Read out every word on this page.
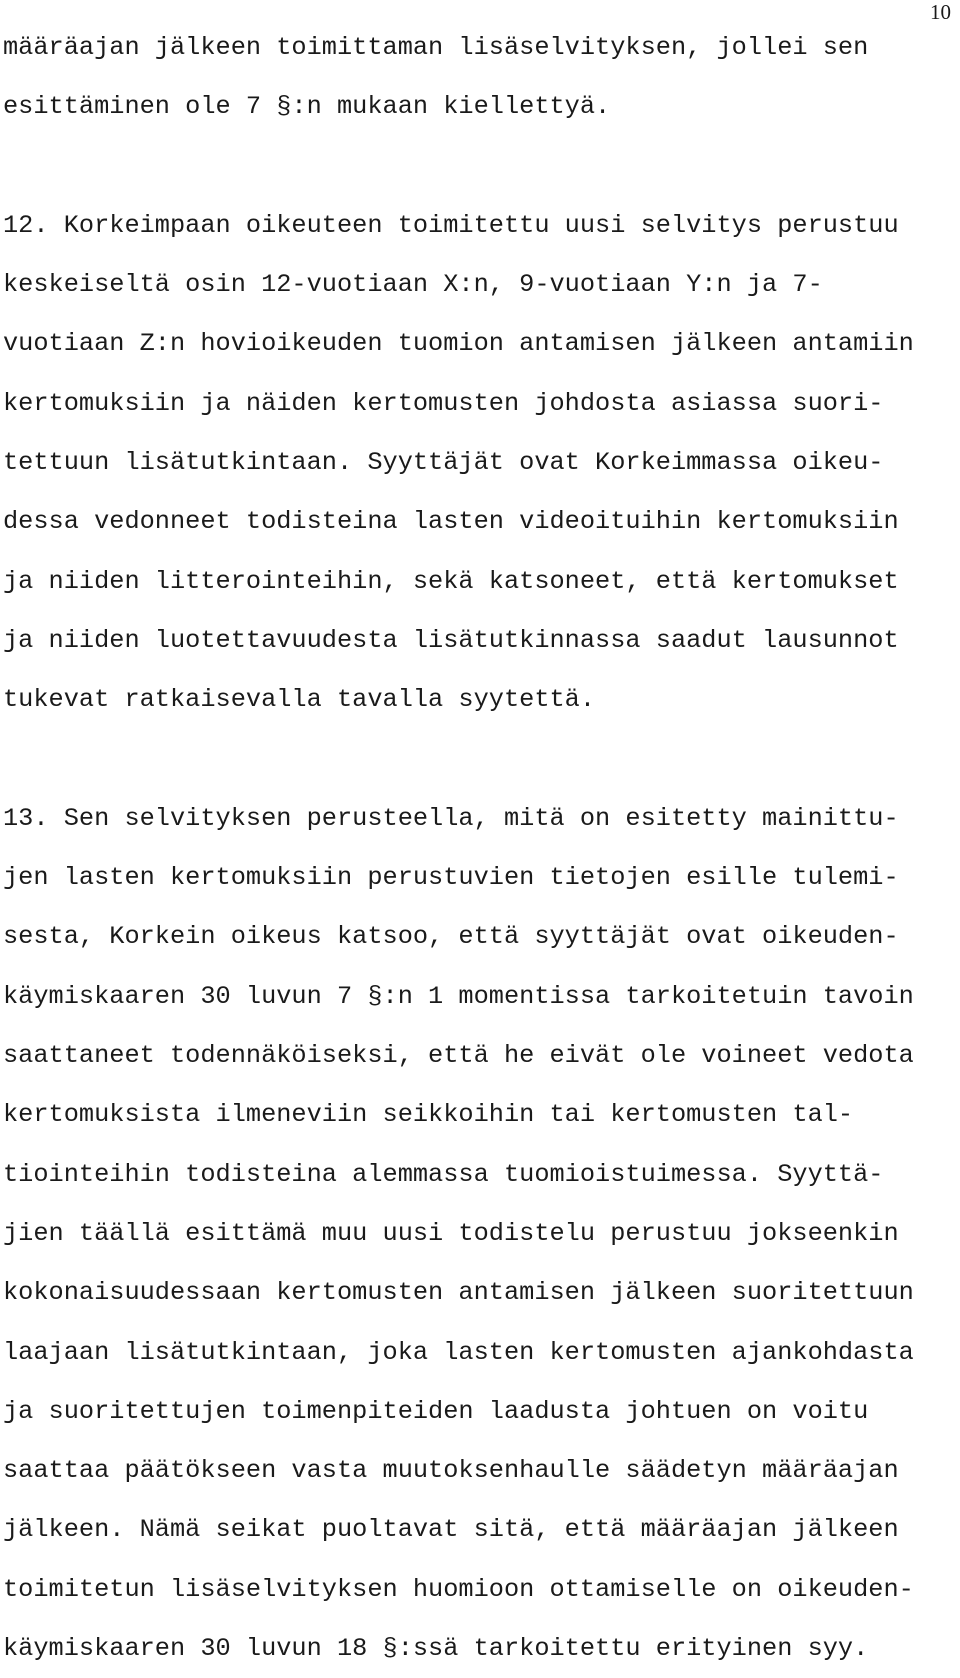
10
määräajan jälkeen toimittaman lisäselvityksen, jollei sen
esittäminen ole 7 §:n mukaan kiellettyä.
12. Korkeimpaan oikeuteen toimitettu uusi selvitys perustuu
keskeiseltä osin 12-vuotiaan X:n, 9-vuotiaan Y:n ja 7-
vuotiaan Z:n hovioikeuden tuomion antamisen jälkeen antamiin
kertomuksiin ja näiden kertomusten johdosta asiassa suori-
tettuun lisätutkintaan. Syyttäjät ovat Korkeimmassa oikeu-
dessa vedonneet todisteina lasten videoituihin kertomuksiin
ja niiden litterointeihin, sekä katsoneet, että kertomukset
ja niiden luotettavuudesta lisätutkinnassa saadut lausunnot
tukevat ratkaisevalla tavalla syytettä.
13. Sen selvityksen perusteella, mitä on esitetty mainittu-
jen lasten kertomuksiin perustuvien tietojen esille tulemi-
sesta, Korkein oikeus katsoo, että syyttäjät ovat oikeuden-
käymiskaaren 30 luvun 7 §:n 1 momentissa tarkoitetuin tavoin
saattaneet todennäköiseksi, että he eivät ole voineet vedota
kertomuksista ilmeneviin seikkoihin tai kertomusten tal-
tiointeihin todisteina alemmassa tuomioistuimessa. Syyttä-
jien täällä esittämä muu uusi todistelu perustuu jokseenkin
kokonaisuudessaan kertomusten antamisen jälkeen suoritettuun
laajaan lisätutkintaan, joka lasten kertomusten ajankohdasta
ja suoritettujen toimenpiteiden laadusta johtuen on voitu
saattaa päätökseen vasta muutoksenhaulle säädetyn määräajan
jälkeen. Nämä seikat puoltavat sitä, että määräajan jälkeen
toimitetun lisäselvityksen huomioon ottamiselle on oikeuden-
käymiskaaren 30 luvun 18 §:ssä tarkoitettu erityinen syy.
